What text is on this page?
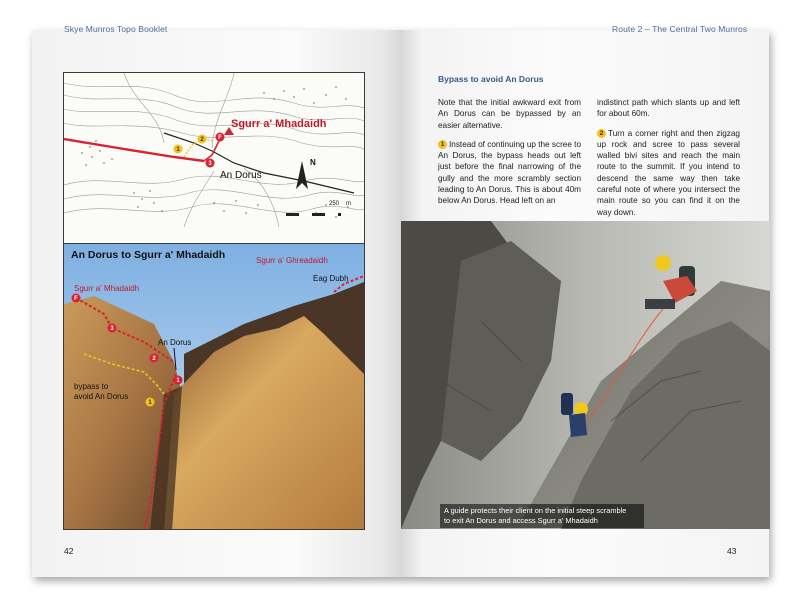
Skye Munros Topo Booklet	Route 2 – The Central Two Munros
42	43
1
2
3
F
Sgurr a' Mhadaidh
An Dorus
N
250 m
F
3
2
1
1
An Dorus to Sgurr a' Mhadaidh	Sgurr a' Ghreadaidh
Eag Dubh
Sgurr a' Mhadaidh
An Dorus
bypass to
avoid An Dorus
Bypass to avoid An Dorus

Note that the initial awkward exit from An Dorus can be bypassed by an easier alternative.

1 Instead of continuing up the scree to An Dorus, the bypass heads out left just before the final narrowing of the gully and the more scrambly section leading to An Dorus. This is about 40m below An Dorus. Head left on an

indistinct path which slants up and left for about 60m.

2 Turn a corner right and then zigzag up rock and scree to pass several walled bivi sites and reach the main route to the summit. If you intend to descend the same way then take careful note of where you intersect the main route so you can find it on the way down.

A guide protects their client on the initial steep scramble
to exit An Dorus and access Sgurr a' Mhadaidh
